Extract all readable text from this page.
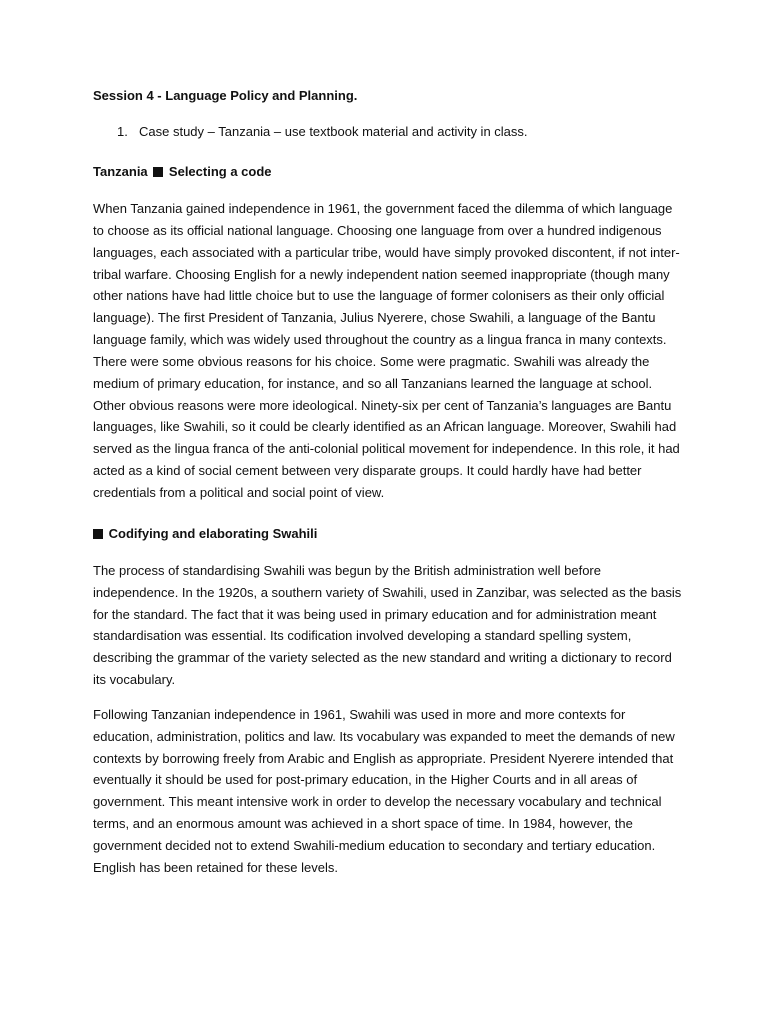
Session 4 - Language Policy and Planning.
1. Case study – Tanzania – use textbook material and activity in class.
Tanzania Selecting a code

When Tanzania gained independence in 1961, the government faced the dilemma of which language to choose as its official national language. Choosing one language from over a hundred indigenous languages, each associated with a particular tribe, would have simply provoked discontent, if not inter-tribal warfare. Choosing English for a newly independent nation seemed inappropriate (though many other nations have had little choice but to use the language of former colonisers as their only official language). The first President of Tanzania, Julius Nyerere, chose Swahili, a language of the Bantu language family, which was widely used throughout the country as a lingua franca in many contexts. There were some obvious reasons for his choice. Some were pragmatic. Swahili was already the medium of primary education, for instance, and so all Tanzanians learned the language at school. Other obvious reasons were more ideological. Ninety-six per cent of Tanzania’s languages are Bantu languages, like Swahili, so it could be clearly identified as an African language. Moreover, Swahili had served as the lingua franca of the anti-colonial political movement for independence. In this role, it had acted as a kind of social cement between very disparate groups. It could hardly have had better credentials from a political and social point of view.

Codifying and elaborating Swahili

The process of standardising Swahili was begun by the British administration well before independence. In the 1920s, a southern variety of Swahili, used in Zanzibar, was selected as the basis for the standard. The fact that it was being used in primary education and for administration meant standardisation was essential. Its codification involved developing a standard spelling system, describing the grammar of the variety selected as the new standard and writing a dictionary to record its vocabulary.

Following Tanzanian independence in 1961, Swahili was used in more and more contexts for education, administration, politics and law. Its vocabulary was expanded to meet the demands of new contexts by borrowing freely from Arabic and English as appropriate. President Nyerere intended that eventually it should be used for post-primary education, in the Higher Courts and in all areas of government. This meant intensive work in order to develop the necessary vocabulary and technical terms, and an enormous amount was achieved in a short space of time. In 1984, however, the government decided not to extend Swahili-medium education to secondary and tertiary education. English has been retained for these levels.
